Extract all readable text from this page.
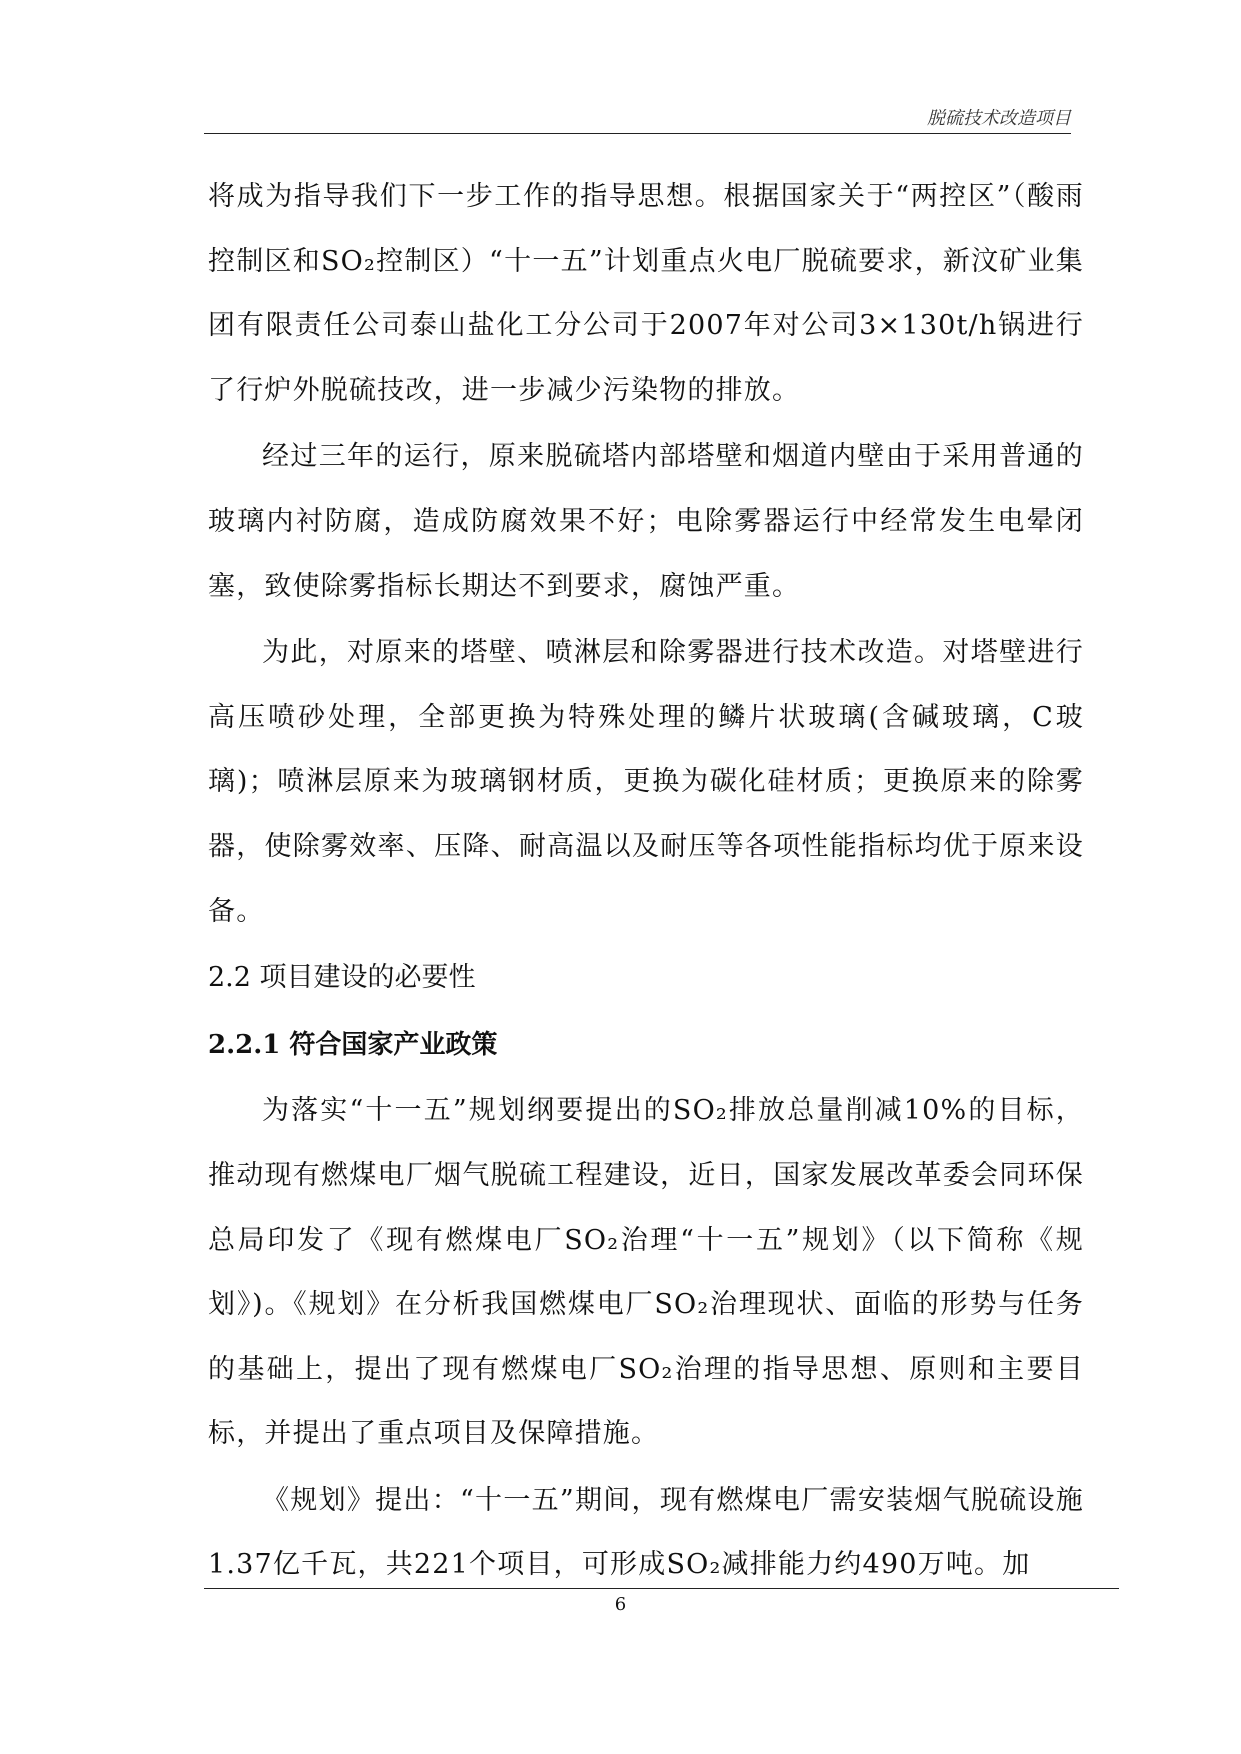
脱硫技术改造项目

将成为指导我们下一步工作的指导思想。根据国家关于“两控区”（酸雨控制区和SO₂控制区）“十一五”计划重点火电厂脱硫要求，新汶矿业集团有限责任公司泰山盐化工分公司于2007年对公司3×130t/h锅进行了行炉外脱硫技改，进一步减少污染物的排放。

经过三年的运行，原来脱硫塔内部塔壁和烟道内壁由于采用普通的玻璃内衬防腐，造成防腐效果不好；电除雾器运行中经常发生电晕闭塞，致使除雾指标长期达不到要求，腐蚀严重。

为此，对原来的塔壁、喷淋层和除雾器进行技术改造。对塔壁进行高压喷砂处理，全部更换为特殊处理的鳞片状玻璃(含碱玻璃，C玻璃)；喷淋层原来为玻璃钢材质，更换为碳化硅材质；更换原来的除雾器，使除雾效率、压降、耐高温以及耐压等各项性能指标均优于原来设备。

2.2 项目建设的必要性
2.2.1 符合国家产业政策

为落实“十一五”规划纲要提出的SO₂排放总量削减10%的目标，推动现有燃煤电厂烟气脱硫工程建设，近日，国家发展改革委会同环保总局印发了《现有燃煤电厂SO₂治理“十一五”规划》（以下简称《规划》)。《规划》在分析我国燃煤电厂SO₂治理现状、面临的形势与任务的基础上，提出了现有燃煤电厂SO₂治理的指导思想、原则和主要目标，并提出了重点项目及保障措施。

《规划》提出：“十一五”期间，现有燃煤电厂需安装烟气脱硫设施1.37亿千瓦，共221个项目，可形成SO₂减排能力约490万吨。加

6
